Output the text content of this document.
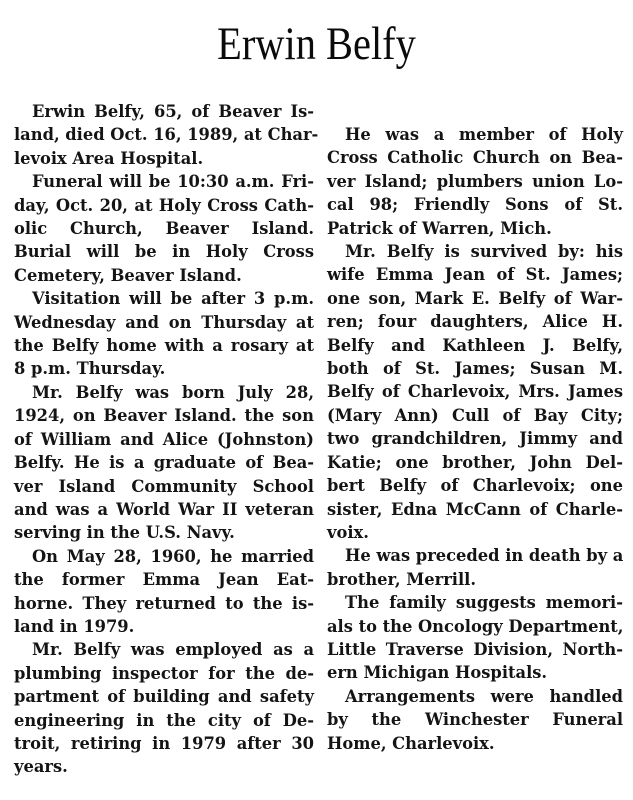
Erwin Belfy

Erwin Belfy, 65, of Beaver Is-
land, died Oct. 16, 1989, at Char-
levoix Area Hospital.

Funeral will be 10:30 a.m. Fri-
day, Oct. 20, at Holy Cross Cath-
olic Church, Beaver Island.
Burial will be in Holy Cross
Cemetery, Beaver Island.

Visitation will be after 3 p.m.
Wednesday and on Thursday at
the Belfy home with a rosary at
8 p.m. Thursday.

Mr. Belfy was born July 28,
1924, on Beaver Island. the son
of William and Alice (Johnston)
Belfy. He is a graduate of Bea-
ver Island Community School
and was a World War II veteran
serving in the U.S. Navy.

On May 28, 1960, he married
the former Emma Jean Eat-
horne. They returned to the is-
land in 1979.

Mr. Belfy was employed as a
plumbing inspector for the de-
partment of building and safety
engineering in the city of De-
troit, retiring in 1979 after 30
years.

He was a member of Holy
Cross Catholic Church on Bea-
ver Island; plumbers union Lo-
cal 98; Friendly Sons of St.
Patrick of Warren, Mich.

Mr. Belfy is survived by: his
wife Emma Jean of St. James;
one son, Mark E. Belfy of War-
ren; four daughters, Alice H.
Belfy and Kathleen J. Belfy,
both of St. James; Susan M.
Belfy of Charlevoix, Mrs. James
(Mary Ann) Cull of Bay City;
two grandchildren, Jimmy and
Katie; one brother, John Del-
bert Belfy of Charlevoix; one
sister, Edna McCann of Charle-
voix.

He was preceded in death by a
brother, Merrill.

The family suggests memori-
als to the Oncology Department,
Little Traverse Division, North-
ern Michigan Hospitals.

Arrangements were handled
by the Winchester Funeral
Home, Charlevoix.
